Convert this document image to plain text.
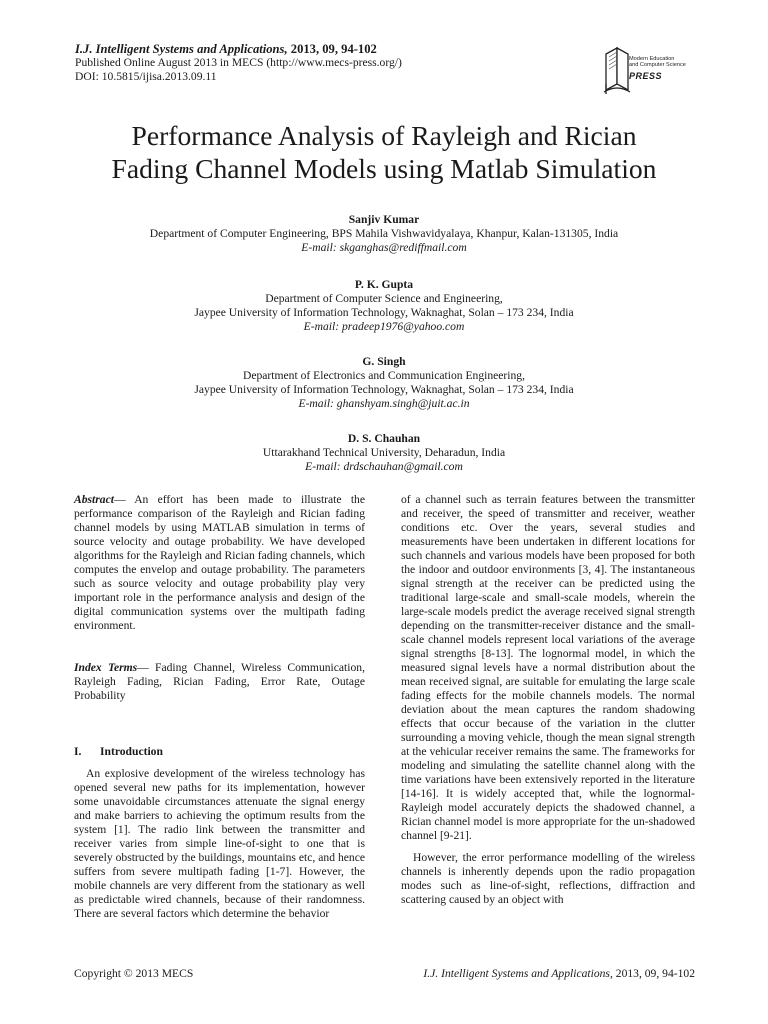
I.J. Intelligent Systems and Applications, 2013, 09, 94-102
Published Online August 2013 in MECS (http://www.mecs-press.org/)
DOI: 10.5815/ijisa.2013.09.11
Modern Education
and Computer Science
PRESS
Performance Analysis of Rayleigh and Rician
Fading Channel Models using Matlab Simulation
Sanjiv Kumar
Department of Computer Engineering, BPS Mahila Vishwavidyalaya, Khanpur, Kalan-131305, India
E-mail: skganghas@rediffmail.com
P. K. Gupta
Department of Computer Science and Engineering,
Jaypee University of Information Technology, Waknaghat, Solan – 173 234, India
E-mail: pradeep1976@yahoo.com
G. Singh
Department of Electronics and Communication Engineering,
Jaypee University of Information Technology, Waknaghat, Solan – 173 234, India
E-mail: ghanshyam.singh@juit.ac.in
D. S. Chauhan
Uttarakhand Technical University, Deharadun, India
E-mail: drdschauhan@gmail.com

Abstract— An effort has been made to illustrate the performance comparison of the Rayleigh and Rician fading channel models by using MATLAB simulation in terms of source velocity and outage probability. We have developed algorithms for the Rayleigh and Rician fading channels, which computes the envelop and outage probability. The parameters such as source velocity and outage probability play very important role in the performance analysis and design of the digital communication systems over the multipath fading environment.

Index Terms— Fading Channel, Wireless Communication, Rayleigh Fading, Rician Fading, Error Rate, Outage Probability

I. Introduction

An explosive development of the wireless technology has opened several new paths for its implementation, however some unavoidable circumstances attenuate the signal energy and make barriers to achieving the optimum results from the system [1]. The radio link between the transmitter and receiver varies from simple line-of-sight to one that is severely obstructed by the buildings, mountains etc, and hence suffers from severe multipath fading [1-7]. However, the mobile channels are very different from the stationary as well as predictable wired channels, because of their randomness. There are several factors which determine the behavior

of a channel such as terrain features between the transmitter and receiver, the speed of transmitter and receiver, weather conditions etc. Over the years, several studies and measurements have been undertaken in different locations for such channels and various models have been proposed for both the indoor and outdoor environments [3, 4]. The instantaneous signal strength at the receiver can be predicted using the traditional large-scale and small-scale models, wherein the large-scale models predict the average received signal strength depending on the transmitter-receiver distance and the small-scale channel models represent local variations of the average signal strengths [8-13]. The lognormal model, in which the measured signal levels have a normal distribution about the mean received signal, are suitable for emulating the large scale fading effects for the mobile channels models. The normal deviation about the mean captures the random shadowing effects that occur because of the variation in the clutter surrounding a moving vehicle, though the mean signal strength at the vehicular receiver remains the same. The frameworks for modeling and simulating the satellite channel along with the time variations have been extensively reported in the literature [14-16]. It is widely accepted that, while the lognormal-Rayleigh model accurately depicts the shadowed channel, a Rician channel model is more appropriate for the un-shadowed channel [9-21].

However, the error performance modelling of the wireless channels is inherently depends upon the radio propagation modes such as line-of-sight, reflections, diffraction and scattering caused by an object with

Copyright © 2013 MECS	I.J. Intelligent Systems and Applications, 2013, 09, 94-102
